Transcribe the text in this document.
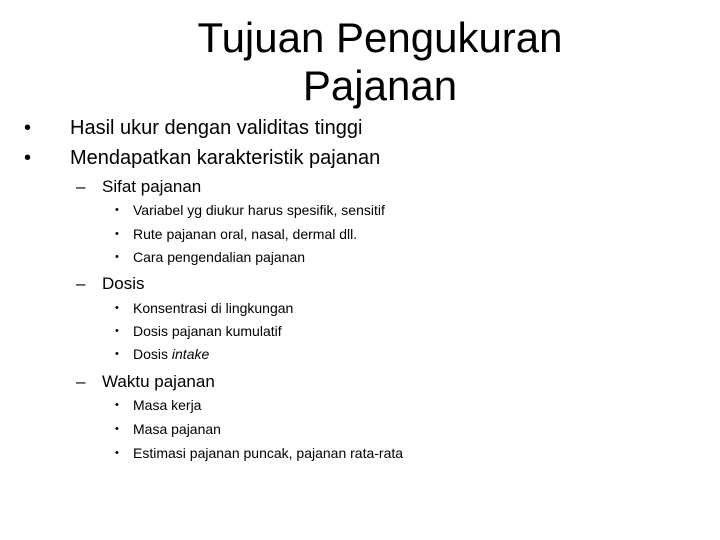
Tujuan Pengukuran
Pajanan
• Hasil ukur dengan validitas tinggi
• Mendapatkan karakteristik pajanan
– Sifat pajanan
• Variabel yg diukur harus spesifik, sensitif
• Rute pajanan oral, nasal, dermal dll.
• Cara pengendalian pajanan
– Dosis
• Konsentrasi di lingkungan
• Dosis pajanan kumulatif
• Dosis intake
– Waktu pajanan
• Masa kerja
• Masa pajanan
• Estimasi pajanan puncak, pajanan rata-rata
